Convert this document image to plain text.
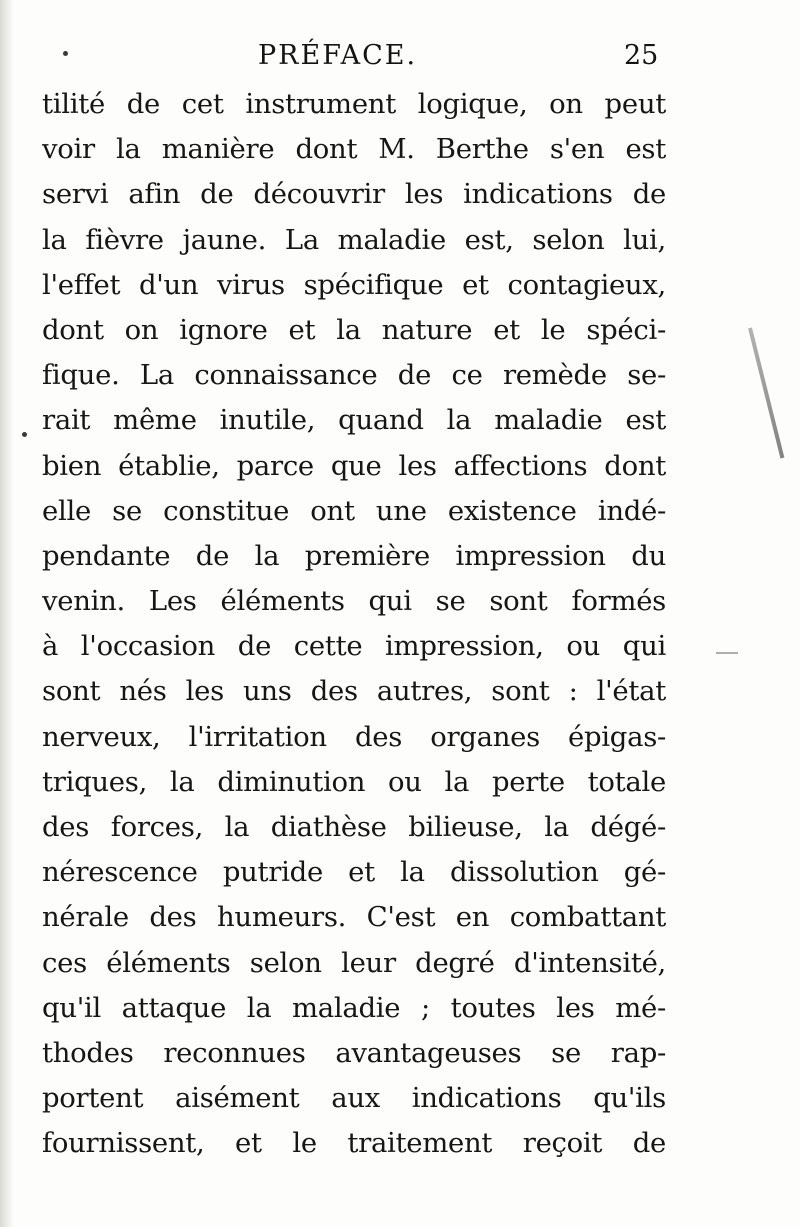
PRÉFACE.	25
tilité de cet instrument logique, on peut
voir la manière dont M. Berthe s'en est
servi afin de découvrir les indications de
la fièvre jaune. La maladie est, selon lui,
l'effet d'un virus spécifique et contagieux,
dont on ignore et la nature et le spéci-
fique. La connaissance de ce remède se-
rait même inutile, quand la maladie est
bien établie, parce que les affections dont
elle se constitue ont une existence indé-
pendante de la première impression du
venin. Les éléments qui se sont formés
à l'occasion de cette impression, ou qui
sont nés les uns des autres, sont : l'état
nerveux, l'irritation des organes épigas-
triques, la diminution ou la perte totale
des forces, la diathèse bilieuse, la dégé-
nérescence putride et la dissolution gé-
nérale des humeurs. C'est en combattant
ces éléments selon leur degré d'intensité,
qu'il attaque la maladie ; toutes les mé-
thodes reconnues avantageuses se rap-
portent aisément aux indications qu'ils
fournissent, et le traitement reçoit de
